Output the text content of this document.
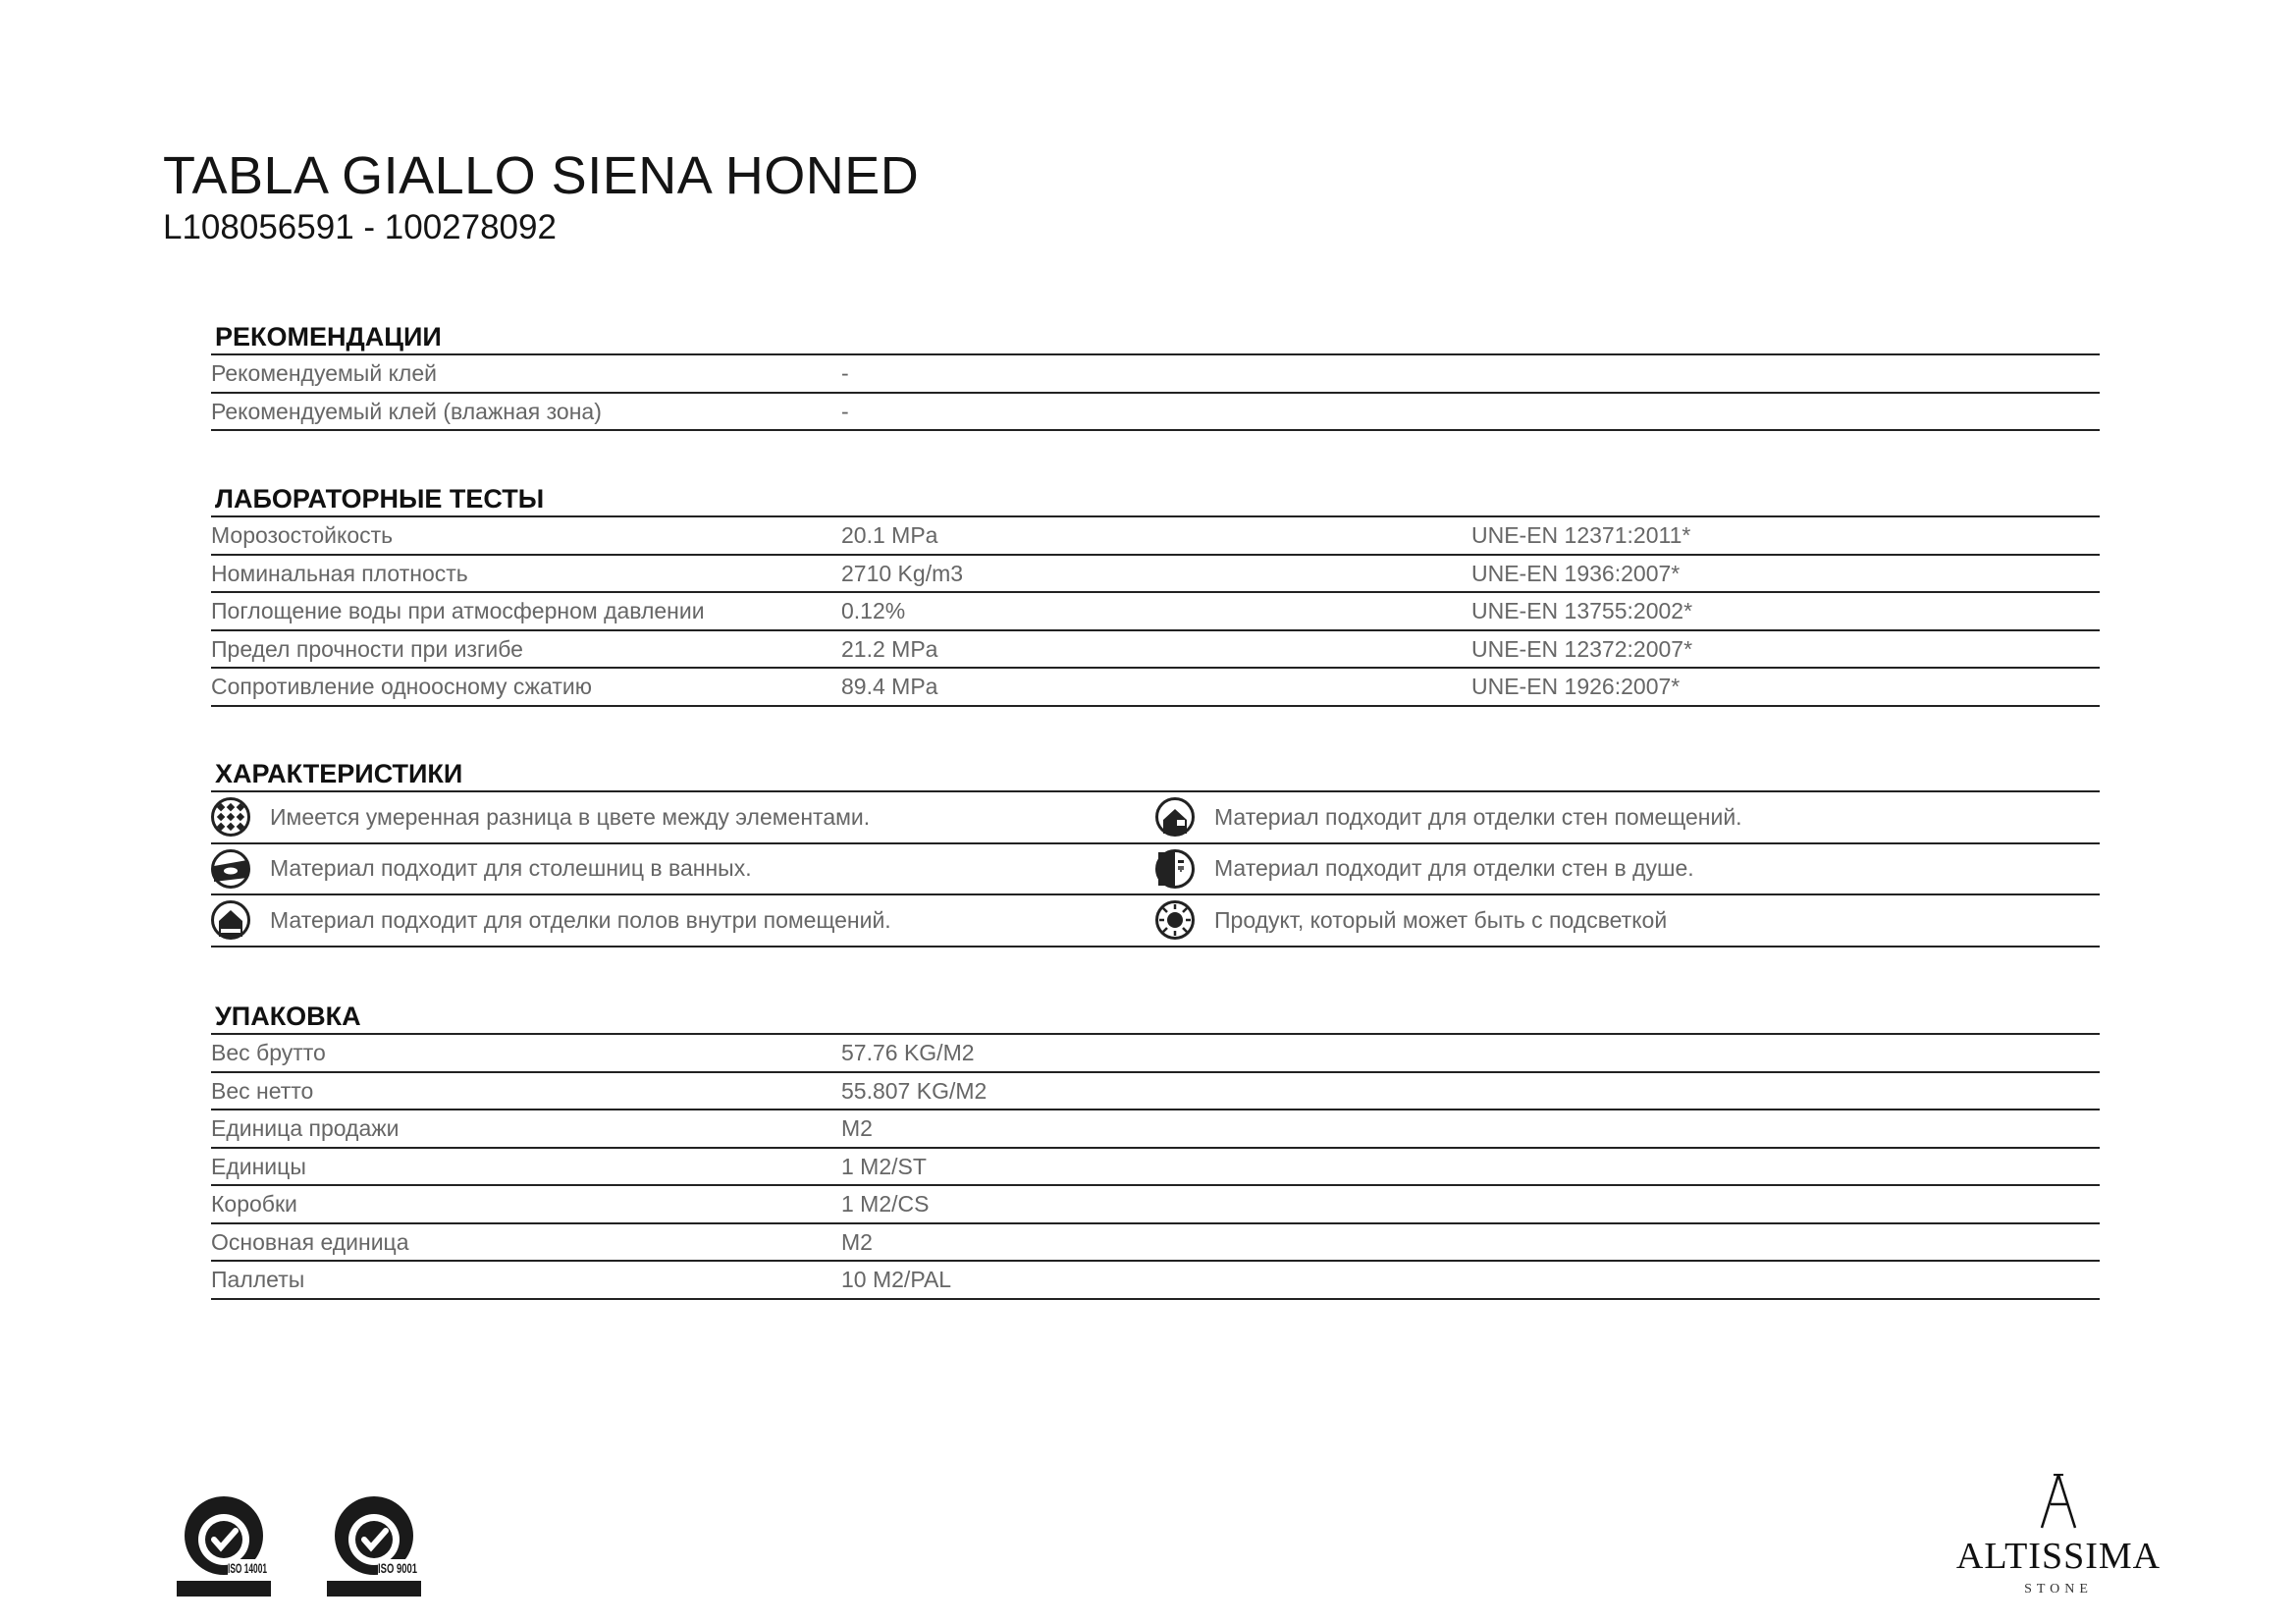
TABLA GIALLO SIENA HONED
L108056591 - 100278092
РЕКОМЕНДАЦИИ
Рекомендуемый клей	-
Рекомендуемый клей (влажная зона)	-
ЛАБОРАТОРНЫЕ ТЕСТЫ
Морозостойкость	20.1 MPa	UNE-EN 12371:2011*
Номинальная плотность	2710 Kg/m3	UNE-EN 1936:2007*
Поглощение воды при атмосферном давлении	0.12%	UNE-EN 13755:2002*
Предел прочности при изгибе	21.2 MPa	UNE-EN 12372:2007*
Сопротивление одноосному сжатию	89.4 MPa	UNE-EN 1926:2007*
ХАРАКТЕРИСТИКИ
Имеется умеренная разница в цвете между элементами.	Материал подходит для отделки стен помещений.
Материал подходит для столешниц в ванных.	Материал подходит для отделки стен в душе.
Материал подходит для отделки полов внутри помещений.	Продукт, который может быть с подсветкой
УПАКОВКА
Вес брутто	57.76 KG/M2
Вес нетто	55.807 KG/M2
Единица продажи	M2
Единицы	1 M2/ST
Коробки	1 M2/CS
Основная единица	M2
Паллеты	10 M2/PAL
ISO 14001	ISO 9001	ALTISSIMA
STONE
